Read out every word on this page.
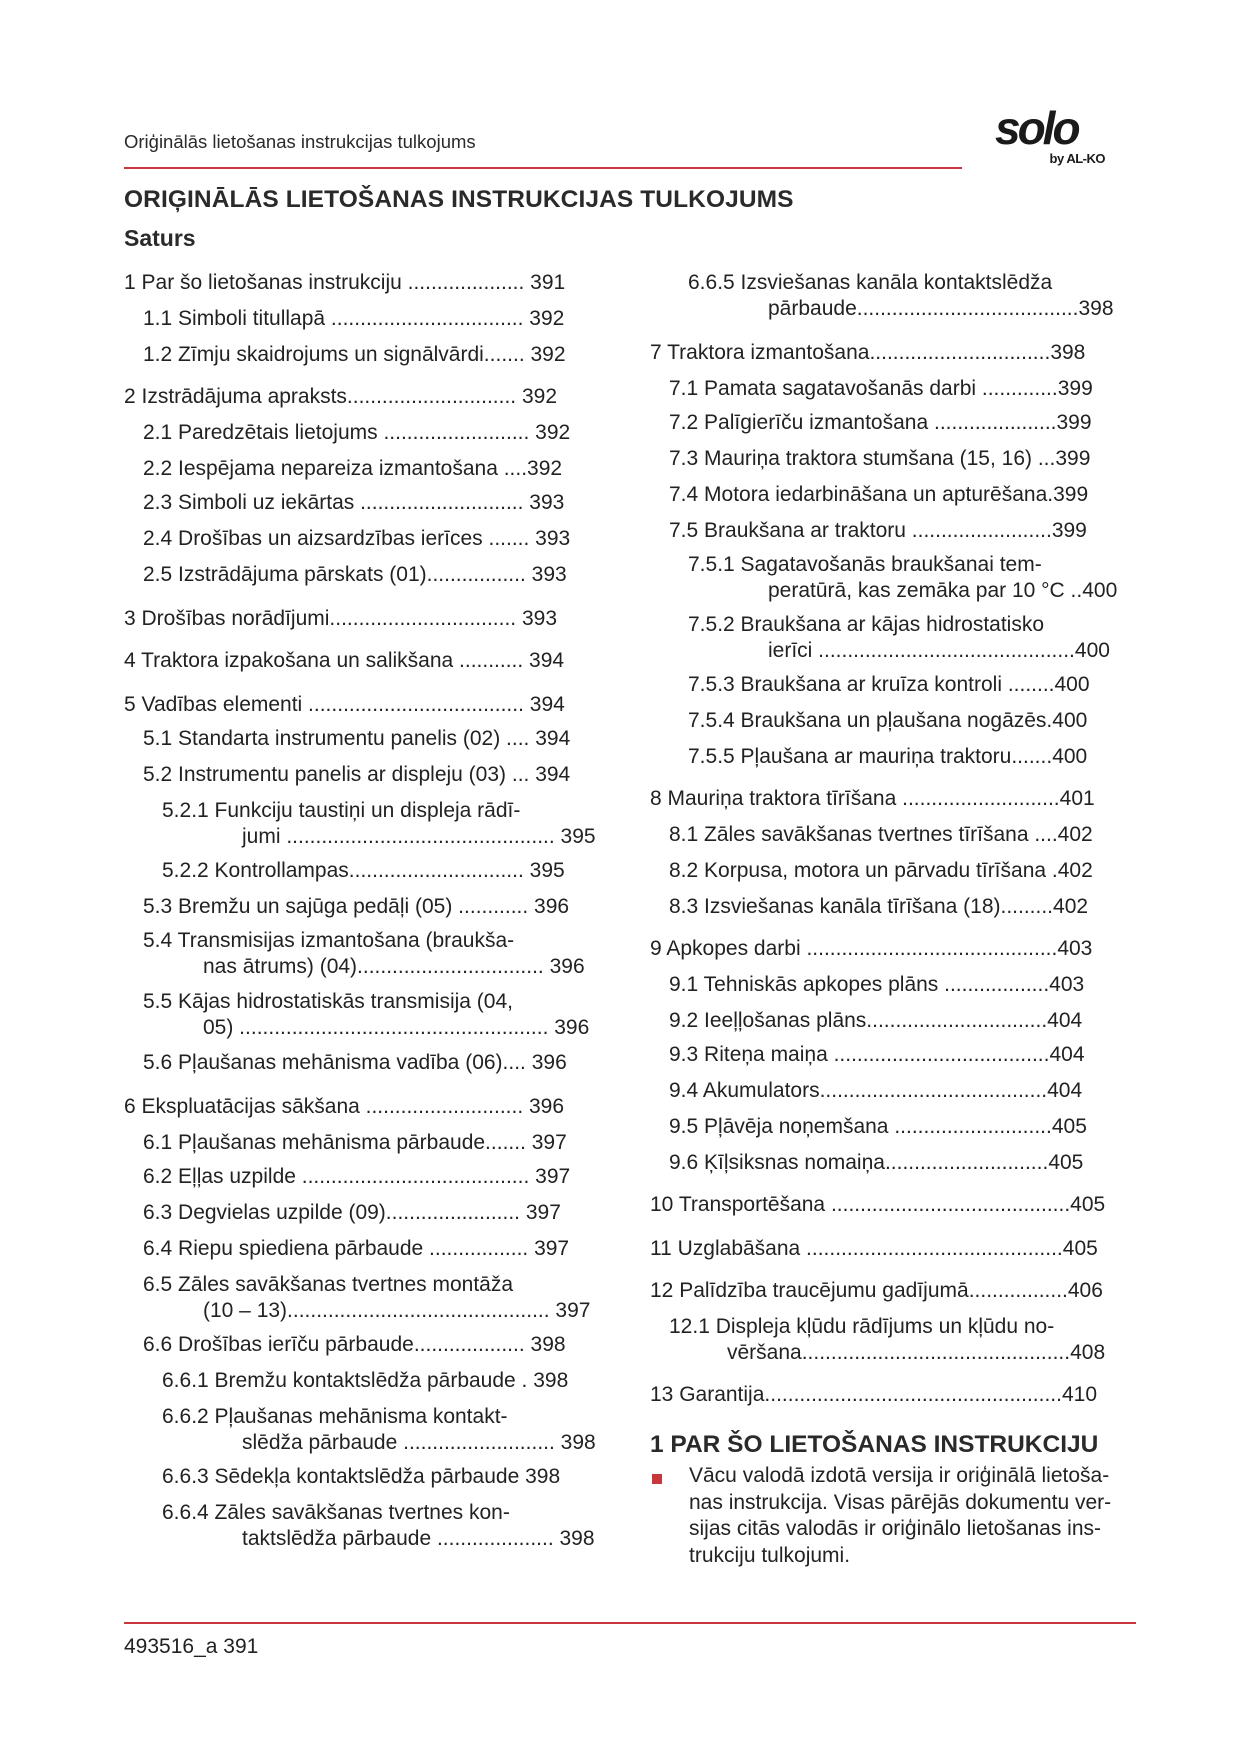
Oriģinālās lietošanas instrukcijas tulkojums	solo
by AL-KO
ORIĢINĀLĀS LIETOŠANAS INSTRUKCIJAS TULKOJUMS
Saturs
1 Par šo lietošanas instrukciju .................... 391
1.1 Simboli titullapā ................................. 392
1.2 Zīmju skaidrojums un signālvārdi....... 392
2 Izstrādājuma apraksts............................. 392
2.1 Paredzētais lietojums ......................... 392
2.2 Iespējama nepareiza izmantošana ....392
2.3 Simboli uz iekārtas ............................ 393
2.4 Drošības un aizsardzības ierīces ....... 393
2.5 Izstrādājuma pārskats (01)................. 393
3 Drošības norādījumi................................ 393
4 Traktora izpakošana un salikšana ........... 394
5 Vadības elementi ..................................... 394
5.1 Standarta instrumentu panelis (02) .... 394
5.2 Instrumentu panelis ar displeju (03) ... 394
5.2.1 Funkciju taustiņi un displeja rādī-
jumi .............................................. 395
5.2.2 Kontrollampas.............................. 395
5.3 Bremžu un sajūga pedāļi (05) ............ 396
5.4 Transmisijas izmantošana (braukša-
nas ātrums) (04)................................ 396
5.5 Kājas hidrostatiskās transmisija (04,
05) ..................................................... 396
5.6 Pļaušanas mehānisma vadība (06).... 396
6 Ekspluatācijas sākšana ........................... 396
6.1 Pļaušanas mehānisma pārbaude....... 397
6.2 Eļļas uzpilde ....................................... 397
6.3 Degvielas uzpilde (09)....................... 397
6.4 Riepu spiediena pārbaude ................. 397
6.5 Zāles savākšanas tvertnes montāža
(10 – 13)............................................. 397
6.6 Drošības ierīču pārbaude................... 398
6.6.1 Bremžu kontaktslēdža pārbaude . 398
6.6.2 Pļaušanas mehānisma kontakt-
slēdža pārbaude .......................... 398
6.6.3 Sēdekļa kontaktslēdža pārbaude 398
6.6.4 Zāles savākšanas tvertnes kon-
taktslēdža pārbaude .................... 398
6.6.5 Izsviešanas kanāla kontaktslēdža
pārbaude......................................398
7 Traktora izmantošana...............................398
7.1 Pamata sagatavošanās darbi .............399
7.2 Palīgierīču izmantošana .....................399
7.3 Mauriņa traktora stumšana (15, 16) ...399
7.4 Motora iedarbināšana un apturēšana.399
7.5 Braukšana ar traktoru ........................399
7.5.1 Sagatavošanās braukšanai tem-
peratūrā, kas zemāka par 10 °C ..400
7.5.2 Braukšana ar kājas hidrostatisko
ierīci ............................................400
7.5.3 Braukšana ar kruīza kontroli ........400
7.5.4 Braukšana un pļaušana nogāzēs.400
7.5.5 Pļaušana ar mauriņa traktoru.......400
8 Mauriņa traktora tīrīšana ...........................401
8.1 Zāles savākšanas tvertnes tīrīšana ....402
8.2 Korpusa, motora un pārvadu tīrīšana .402
8.3 Izsviešanas kanāla tīrīšana (18).........402
9 Apkopes darbi ...........................................403
9.1 Tehniskās apkopes plāns ..................403
9.2 Ieeļļošanas plāns...............................404
9.3 Riteņa maiņa .....................................404
9.4 Akumulators.......................................404
9.5 Pļāvēja noņemšana ...........................405
9.6 Ķīļsiksnas nomaiņa............................405
10 Transportēšana .........................................405
11 Uzglabāšana ............................................405
12 Palīdzība traucējumu gadījumā.................406
12.1 Displeja kļūdu rādījums un kļūdu no-
vēršana..............................................408
13 Garantija...................................................410
1 PAR ŠO LIETOŠANAS INSTRUKCIJU
Vācu valodā izdotā versija ir oriģinālā lietoša-
nas instrukcija. Visas pārējās dokumentu ver-
sijas citās valodās ir oriģinālo lietošanas ins-
trukciju tulkojumi.
493516_a 391
